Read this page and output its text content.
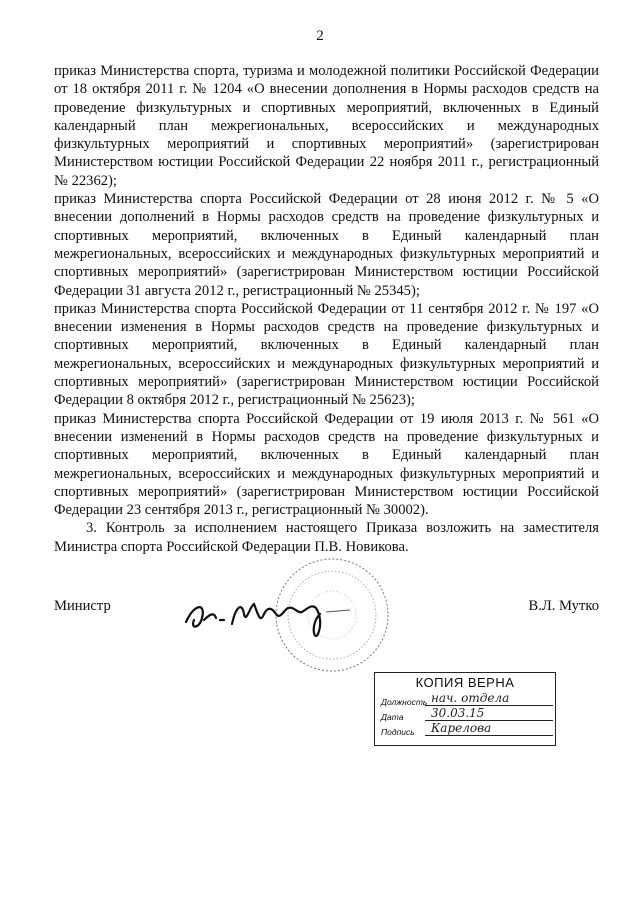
2

приказ Министерства спорта, туризма и молодежной политики Российской Федерации от 18 октября 2011 г. № 1204 «О внесении дополнения в Нормы расходов средств на проведение физкультурных и спортивных мероприятий, включенных в Единый календарный план межрегиональных, всероссийских и международных физкультурных мероприятий и спортивных мероприятий» (зарегистрирован Министерством юстиции Российской Федерации 22 ноября 2011 г., регистрационный № 22362);

приказ Министерства спорта Российской Федерации от 28 июня 2012 г. № 5 «О внесении дополнений в Нормы расходов средств на проведение физкультурных и спортивных мероприятий, включенных в Единый календарный план межрегиональных, всероссийских и международных физкультурных мероприятий и спортивных мероприятий» (зарегистрирован Министерством юстиции Российской Федерации 31 августа 2012 г., регистрационный № 25345);

приказ Министерства спорта Российской Федерации от 11 сентября 2012 г. № 197 «О внесении изменения в Нормы расходов средств на проведение физкультурных и спортивных мероприятий, включенных в Единый календарный план межрегиональных, всероссийских и международных физкультурных мероприятий и спортивных мероприятий» (зарегистрирован Министерством юстиции Российской Федерации 8 октября 2012 г., регистрационный № 25623);

приказ Министерства спорта Российской Федерации от 19 июля 2013 г. № 561 «О внесении изменений в Нормы расходов средств на проведение физкультурных и спортивных мероприятий, включенных в Единый календарный план межрегиональных, всероссийских и международных физкультурных мероприятий и спортивных мероприятий» (зарегистрирован Министерством юстиции Российской Федерации 23 сентября 2013 г., регистрационный № 30002).

3. Контроль за исполнением настоящего Приказа возложить на заместителя Министра спорта Российской Федерации П.В. Новикова.

Министр	В.Л. Мутко
КОПИЯ ВЕРНА
Должность нач. отдела
Дата	30.03.15
Подпись	Карелова
